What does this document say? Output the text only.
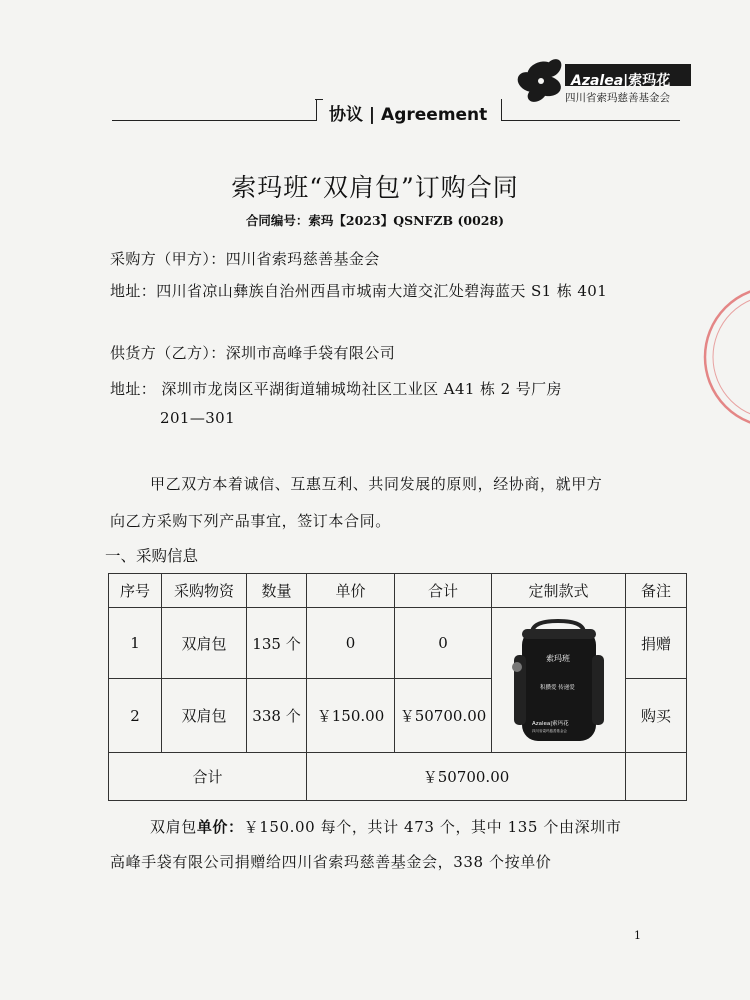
Azalea|索玛花
四川省索玛慈善基金会
协议 | Agreement
索玛班“双肩包”订购合同
合同编号：索玛【2023】QSNFZB (0028)
采购方（甲方）：四川省索玛慈善基金会
地址：四川省凉山彝族自治州西昌市城南大道交汇处碧海蓝天 S1 栋 401
供货方（乙方）：深圳市高峰手袋有限公司
地址： 深圳市龙岗区平湖街道辅城坳社区工业区 A41 栋 2 号厂房
201—301
甲乙双方本着诚信、互惠互利、共同发展的原则，经协商，就甲方
向乙方采购下列产品事宜，签订本合同。
一、采购信息
序号	采购物资	数量	单价	合计	定制款式	备注
1	双肩包	135 个	0	0	索玛班
积攒爱 传递爱
Azalea|索玛花
四川省索玛慈善基金会	捐赠
2	双肩包	338 个	￥150.00	￥50700.00		购买
合计			￥50700.00			
双肩包单价：￥150.00 每个，共计 473 个，其中 135 个由深圳市
高峰手袋有限公司捐赠给四川省索玛慈善基金会，338 个按单价
1
